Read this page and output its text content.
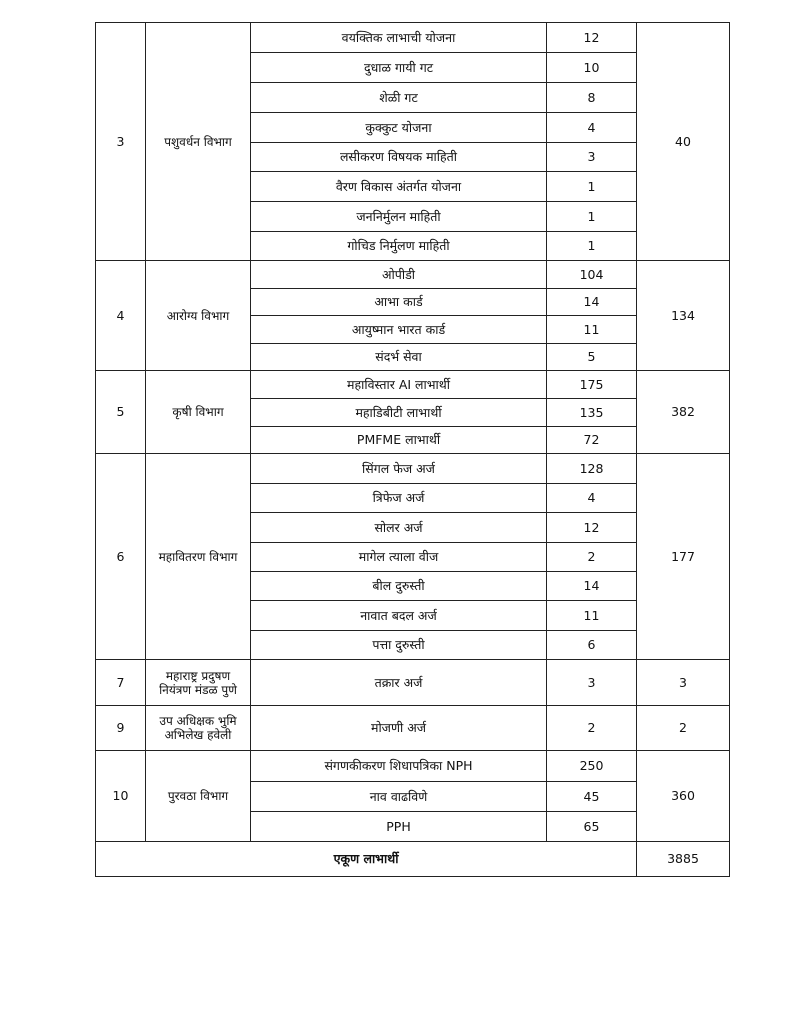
3	पशुवर्धन विभाग	वयक्तिक लाभाची योजना	12	40
		दुधाळ गायी गट	10	
		शेळी गट	8	
		कुक्कुट योजना	4	
		लसीकरण विषयक माहिती	3	
		वैरण विकास अंतर्गत योजना	1	
		जननिर्मुलन माहिती	1	
		गोचिड निर्मुलण माहिती	1	
4	आरोग्य विभाग	ओपीडी	104	134
		आभा कार्ड	14	
		आयुष्मान भारत कार्ड	11	
		संदर्भ सेवा	5	
5	कृषी विभाग	महाविस्तार AI लाभार्थी	175	382
		महाडिबीटी लाभार्थी	135	
		PMFME लाभार्थी	72	
6	महावितरण विभाग	सिंगल फेज अर्ज	128	177
		त्रिफेज अर्ज	4	
		सोलर अर्ज	12	
		मागेल त्याला वीज	2	
		बील दुरुस्ती	14	
		नावात बदल अर्ज	11	
		पत्ता दुरुस्ती	6	
7	महाराष्ट्र प्रदुषण नियंत्रण मंडळ पुणे	तक्रार अर्ज	3	3
9	उप अधिक्षक भुमि अभिलेख हवेली	मोजणी अर्ज	2	2
10	पुरवठा विभाग	संगणकीकरण शिधापत्रिका NPH	250	360
		नाव वाढविणे	45	
		PPH	65	
एकूण लाभार्थी				3885
